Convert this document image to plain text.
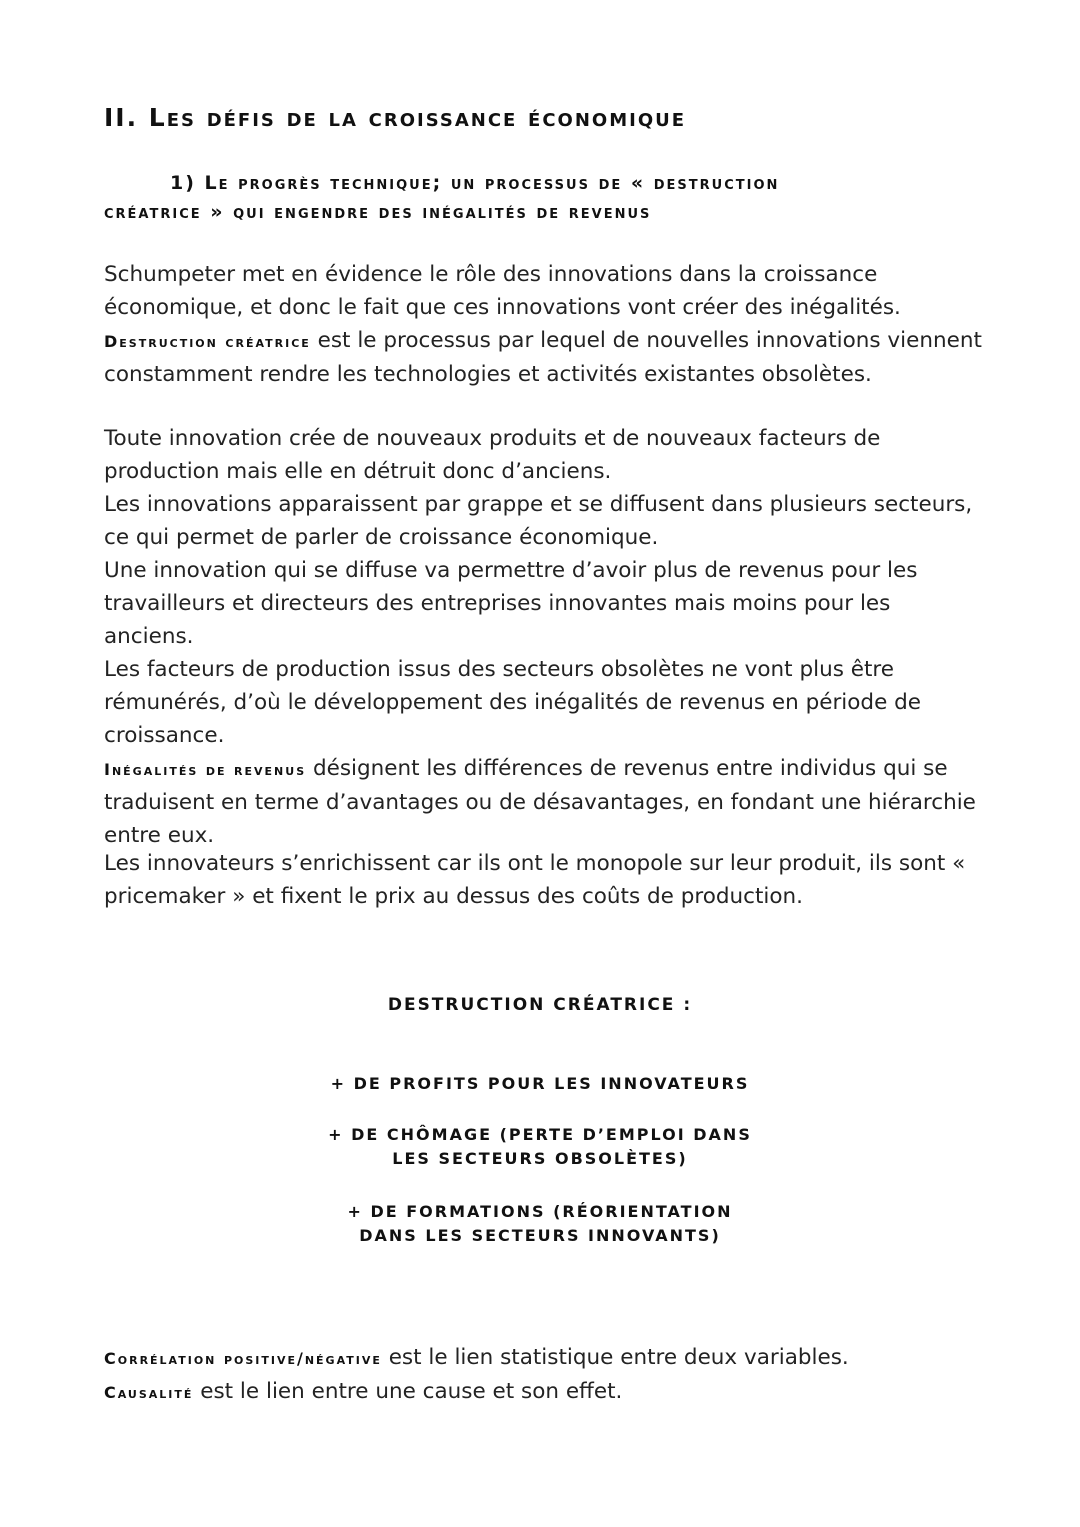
II. Les défis de la croissance économique
1) Le progrès technique; un processus de « destruction
créatrice » qui engendre des inégalités de revenus

Schumpeter met en évidence le rôle des innovations dans la croissance économique, et donc le fait que ces innovations vont créer des inégalités.

Destruction créatrice est le processus par lequel de nouvelles innovations viennent constamment rendre les technologies et activités existantes obsolètes.

Toute innovation crée de nouveaux produits et de nouveaux facteurs de production mais elle en détruit donc d’anciens.

Les innovations apparaissent par grappe et se diffusent dans plusieurs secteurs, ce qui permet de parler de croissance économique.

Une innovation qui se diffuse va permettre d’avoir plus de revenus pour les travailleurs et directeurs des entreprises innovantes mais moins pour les anciens.

Les facteurs de production issus des secteurs obsolètes ne vont plus être rémunérés, d’où le développement des inégalités de revenus en période de croissance.

Inégalités de revenus désignent les différences de revenus entre individus qui se traduisent en terme d’avantages ou de désavantages, en fondant une hiérarchie entre eux.

Les innovateurs s’enrichissent car ils ont le monopole sur leur produit, ils sont « pricemaker » et fixent le prix au dessus des coûts de production.

DESTRUCTION CRÉATRICE :
+ DE PROFITS POUR LES INNOVATEURS
+ DE CHÔMAGE (PERTE D’EMPLOI DANS
LES SECTEURS OBSOLÈTES)
+ DE FORMATIONS (RÉORIENTATION
DANS LES SECTEURS INNOVANTS)

Corrélation positive/négative est le lien statistique entre deux variables.

Causalité est le lien entre une cause et son effet.
